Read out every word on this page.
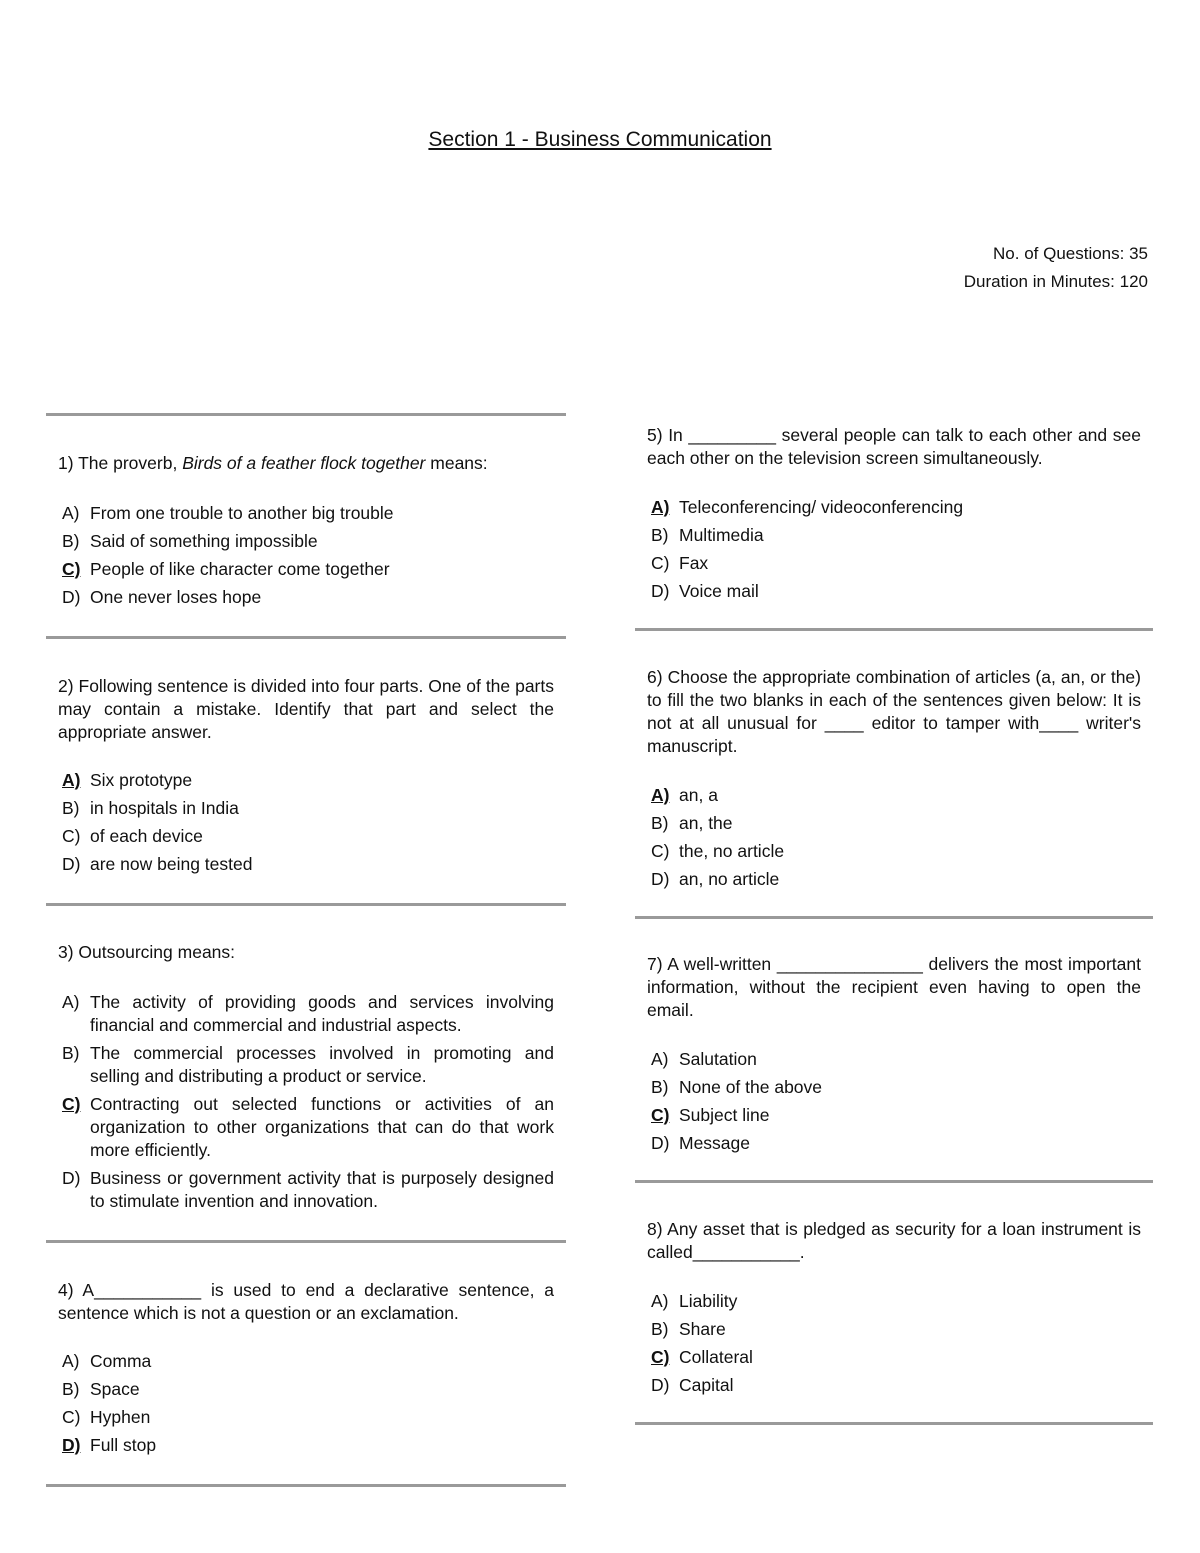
Section 1 - Business Communication
No. of Questions: 35
Duration in Minutes: 120
1) The proverb, Birds of a feather flock together means:
A) From one trouble to another big trouble
B) Said of something impossible
C) People of like character come together
D) One never loses hope
2) Following sentence is divided into four parts. One of the parts may contain a mistake. Identify that part and select the appropriate answer.
A) Six prototype
B) in hospitals in India
C) of each device
D) are now being tested
3) Outsourcing means:
A) The activity of providing goods and services involving financial and commercial and industrial aspects.
B) The commercial processes involved in promoting and selling and distributing a product or service.
C) Contracting out selected functions or activities of an organization to other organizations that can do that work more efficiently.
D) Business or government activity that is purposely designed to stimulate invention and innovation.
4) A___________ is used to end a declarative sentence, a sentence which is not a question or an exclamation.
A) Comma
B) Space
C) Hyphen
D) Full stop
5) In _________ several people can talk to each other and see each other on the television screen simultaneously.
A) Teleconferencing/ videoconferencing
B) Multimedia
C) Fax
D) Voice mail
6) Choose the appropriate combination of articles (a, an, or the) to fill the two blanks in each of the sentences given below: It is not at all unusual for ____ editor to tamper with____ writer's manuscript.
A) an, a
B) an, the
C) the, no article
D) an, no article
7) A well-written _______________ delivers the most important information, without the recipient even having to open the email.
A) Salutation
B) None of the above
C) Subject line
D) Message
8) Any asset that is pledged as security for a loan instrument is called___________.
A) Liability
B) Share
C) Collateral
D) Capital
